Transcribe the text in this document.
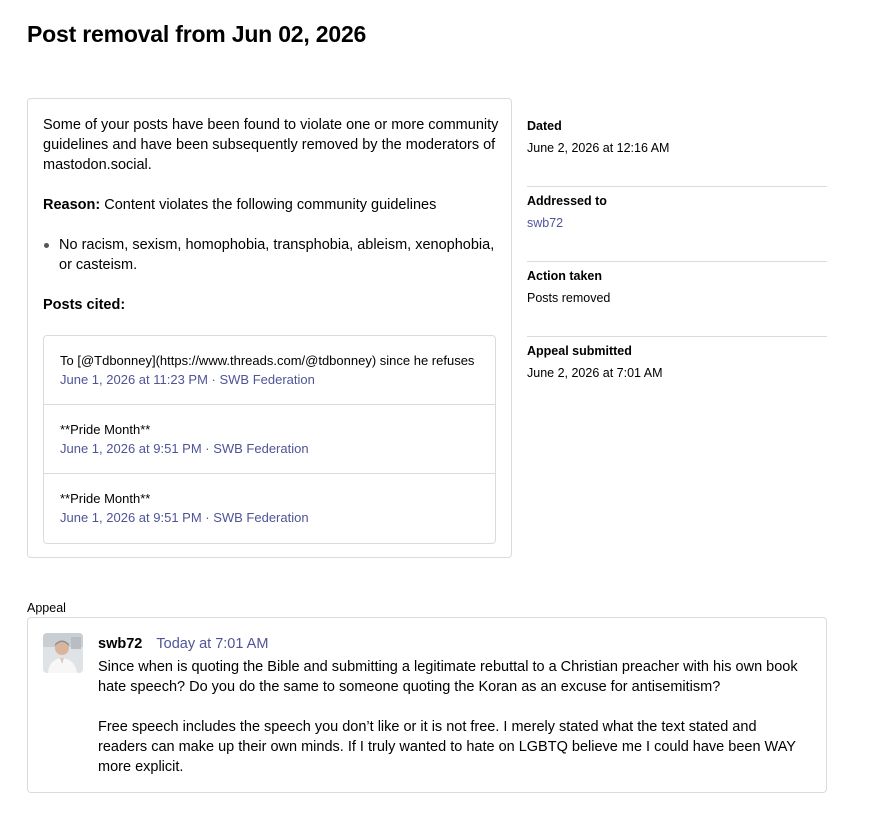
Post removal from Jun 02, 2026
Some of your posts have been found to violate one or more community guidelines and have been subsequently removed by the moderators of mastodon.social.
Reason: Content violates the following community guidelines
No racism, sexism, homophobia, transphobia, ableism, xenophobia, or casteism.
Posts cited:
To [@Tdbonney](https://www.threads.com/@tdbonney) since he refuses
June 1, 2026 at 11:23 PM · SWB Federation
**Pride Month**
June 1, 2026 at 9:51 PM · SWB Federation
**Pride Month**
June 1, 2026 at 9:51 PM · SWB Federation
Dated
June 2, 2026 at 12:16 AM
Addressed to
swb72
Action taken
Posts removed
Appeal submitted
June 2, 2026 at 7:01 AM
Appeal
swb72 Today at 7:01 AM

Since when is quoting the Bible and submitting a legitimate rebuttal to a Christian preacher with his own book hate speech? Do you do the same to someone quoting the Koran as an excuse for antisemitism?

Free speech includes the speech you don’t like or it is not free. I merely stated what the text stated and readers can make up their own minds. If I truly wanted to hate on LGBTQ believe me I could have been WAY more explicit.
